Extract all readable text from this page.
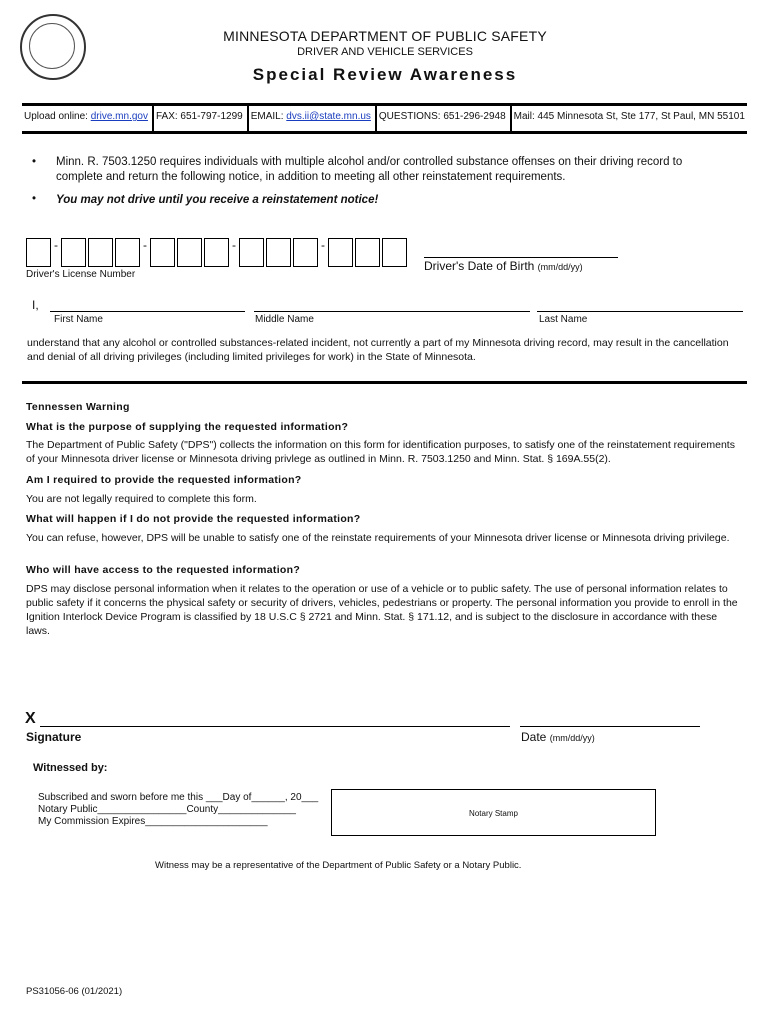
MINNESOTA DEPARTMENT OF PUBLIC SAFETY
DRIVER AND VEHICLE SERVICES
Special Review Awareness
Upload online: drive.mn.gov FAX: 651-797-1299 EMAIL: dvs.ii@state.mn.us QUESTIONS: 651-296-2948 Mail: 445 Minnesota St, Ste 177, St Paul, MN 55101
• Minn. R. 7503.1250 requires individuals with multiple alcohol and/or controlled substance offenses on their driving record to complete and return the following notice, in addition to meeting all other reinstatement requirements.
• You may not drive until you receive a reinstatement notice!
-	-	-	-
Driver's License Number
Driver's Date of Birth (mm/dd/yy)
I,
First Name	Middle Name	Last Name
understand that any alcohol or controlled substances-related incident, not currently a part of my Minnesota driving record, may result in the cancellation and denial of all driving privileges (including limited privileges for work) in the State of Minnesota.
Tennessen Warning
What is the purpose of supplying the requested information?
The Department of Public Safety ("DPS") collects the information on this form for identification purposes, to satisfy one of the reinstatement requirements of your Minnesota driver license or Minnesota driving privlege as outlined in Minn. R. 7503.1250 and Minn. Stat. § 169A.55(2).
Am I required to provide the requested information?
You are not legally required to complete this form.
What will happen if I do not provide the requested information?
You can refuse, however, DPS will be unable to satisfy one of the reinstate requirements of your Minnesota driver license or Minnesota driving privilege.
Who will have access to the requested information?
DPS may disclose personal information when it relates to the operation or use of a vehicle or to public safety. The use of personal information relates to public safety if it concerns the physical safety or security of drivers, vehicles, pedestrians or property. The personal information you provide to enroll in the Ignition Interlock Device Program is classified by 18 U.S.C § 2721 and Minn. Stat. § 171.12, and is subject to the disclosure in accordance with these laws.
X
Signature	Date (mm/dd/yy)
Witnessed by:
Subscribed and sworn before me this ___Day of______, 20___
Notary Public________________County______________
My Commission Expires______________________
Notary Stamp
Witness may be a representative of the Department of Public Safety or a Notary Public.
PS31056-06 (01/2021)
